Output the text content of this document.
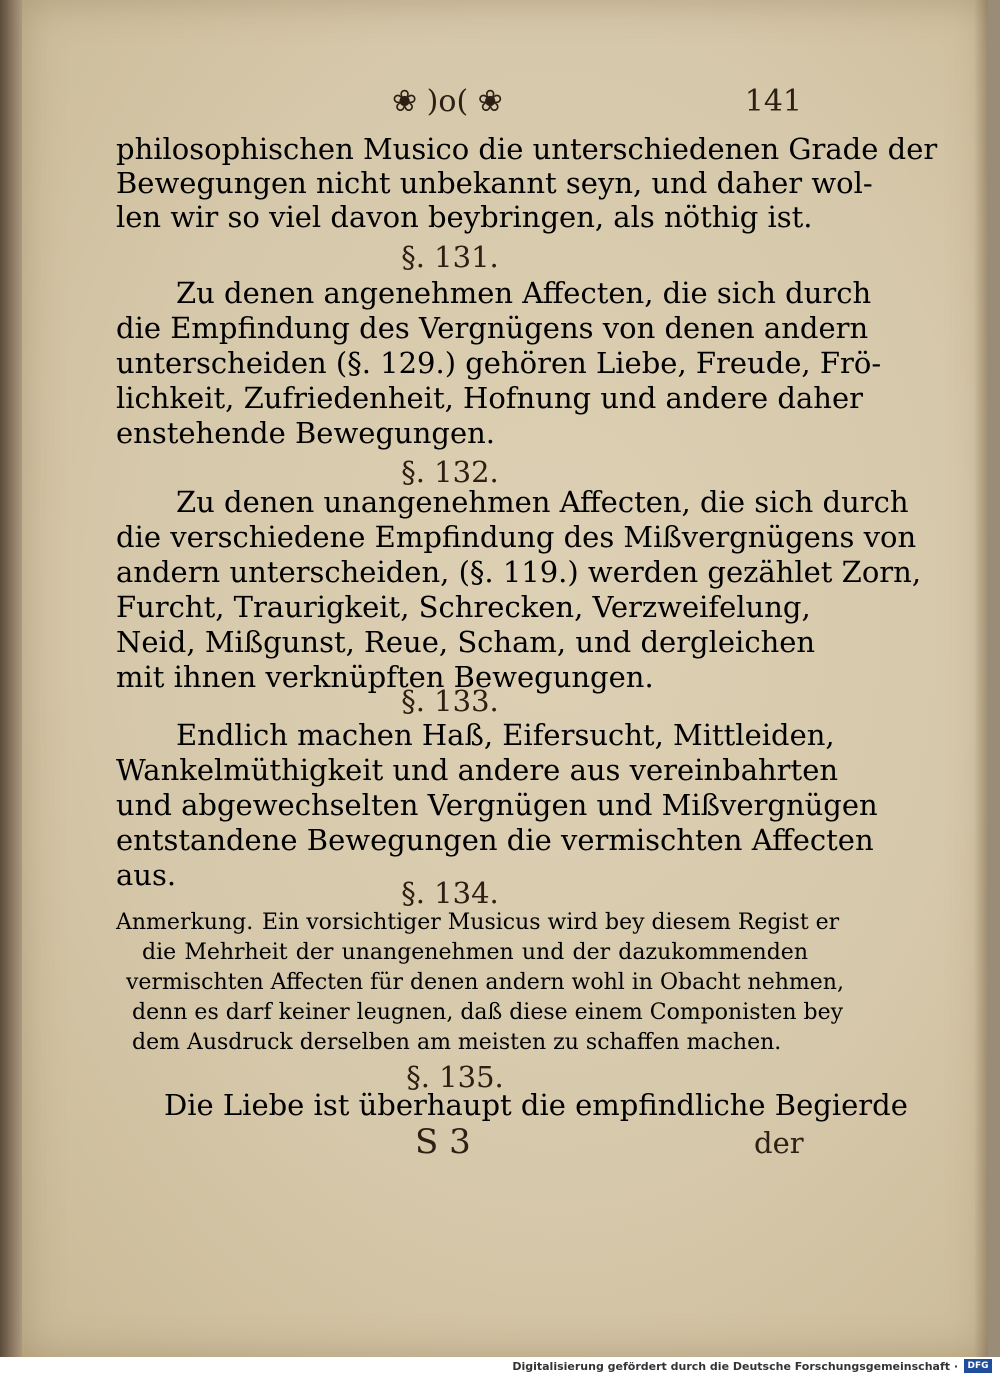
❀ )o( ❀	141
philosophischen Musico die unterschiedenen Grade der
Bewegungen nicht unbekannt seyn, und daher wol-
len wir so viel davon beybringen, als nöthig ist.
§. 131.
Zu denen angenehmen Affecten, die sich durch
die Empfindung des Vergnügens von denen andern
unterscheiden (§. 129.) gehören Liebe, Freude, Frö-
lichkeit, Zufriedenheit, Hofnung und andere daher
enstehende Bewegungen.
§. 132.
Zu denen unangenehmen Affecten, die sich durch
die verschiedene Empfindung des Mißvergnügens von
andern unterscheiden, (§. 119.) werden gezählet Zorn,
Furcht, Traurigkeit, Schrecken, Verzweifelung,
Neid, Mißgunst, Reue, Scham, und dergleichen
mit ihnen verknüpften Bewegungen.
§. 133.
Endlich machen Haß, Eifersucht, Mittleiden,
Wankelmüthigkeit und andere aus vereinbahrten
und abgewechselten Vergnügen und Mißvergnügen
entstandene Bewegungen die vermischten Affecten
aus.
§. 134.
Anmerkung. Ein vorsichtiger Musicus wird bey diesem Regist er
die Mehrheit der unangenehmen und der dazukommenden
vermischten Affecten für denen andern wohl in Obacht nehmen,
denn es darf keiner leugnen, daß diese einem Componisten bey
dem Ausdruck derselben am meisten zu schaffen machen.
§. 135.
Die Liebe ist überhaupt die empfindliche Begierde
S 3	der
Digitalisierung gefördert durch die Deutsche Forschungsgemeinschaft ·	DFG
